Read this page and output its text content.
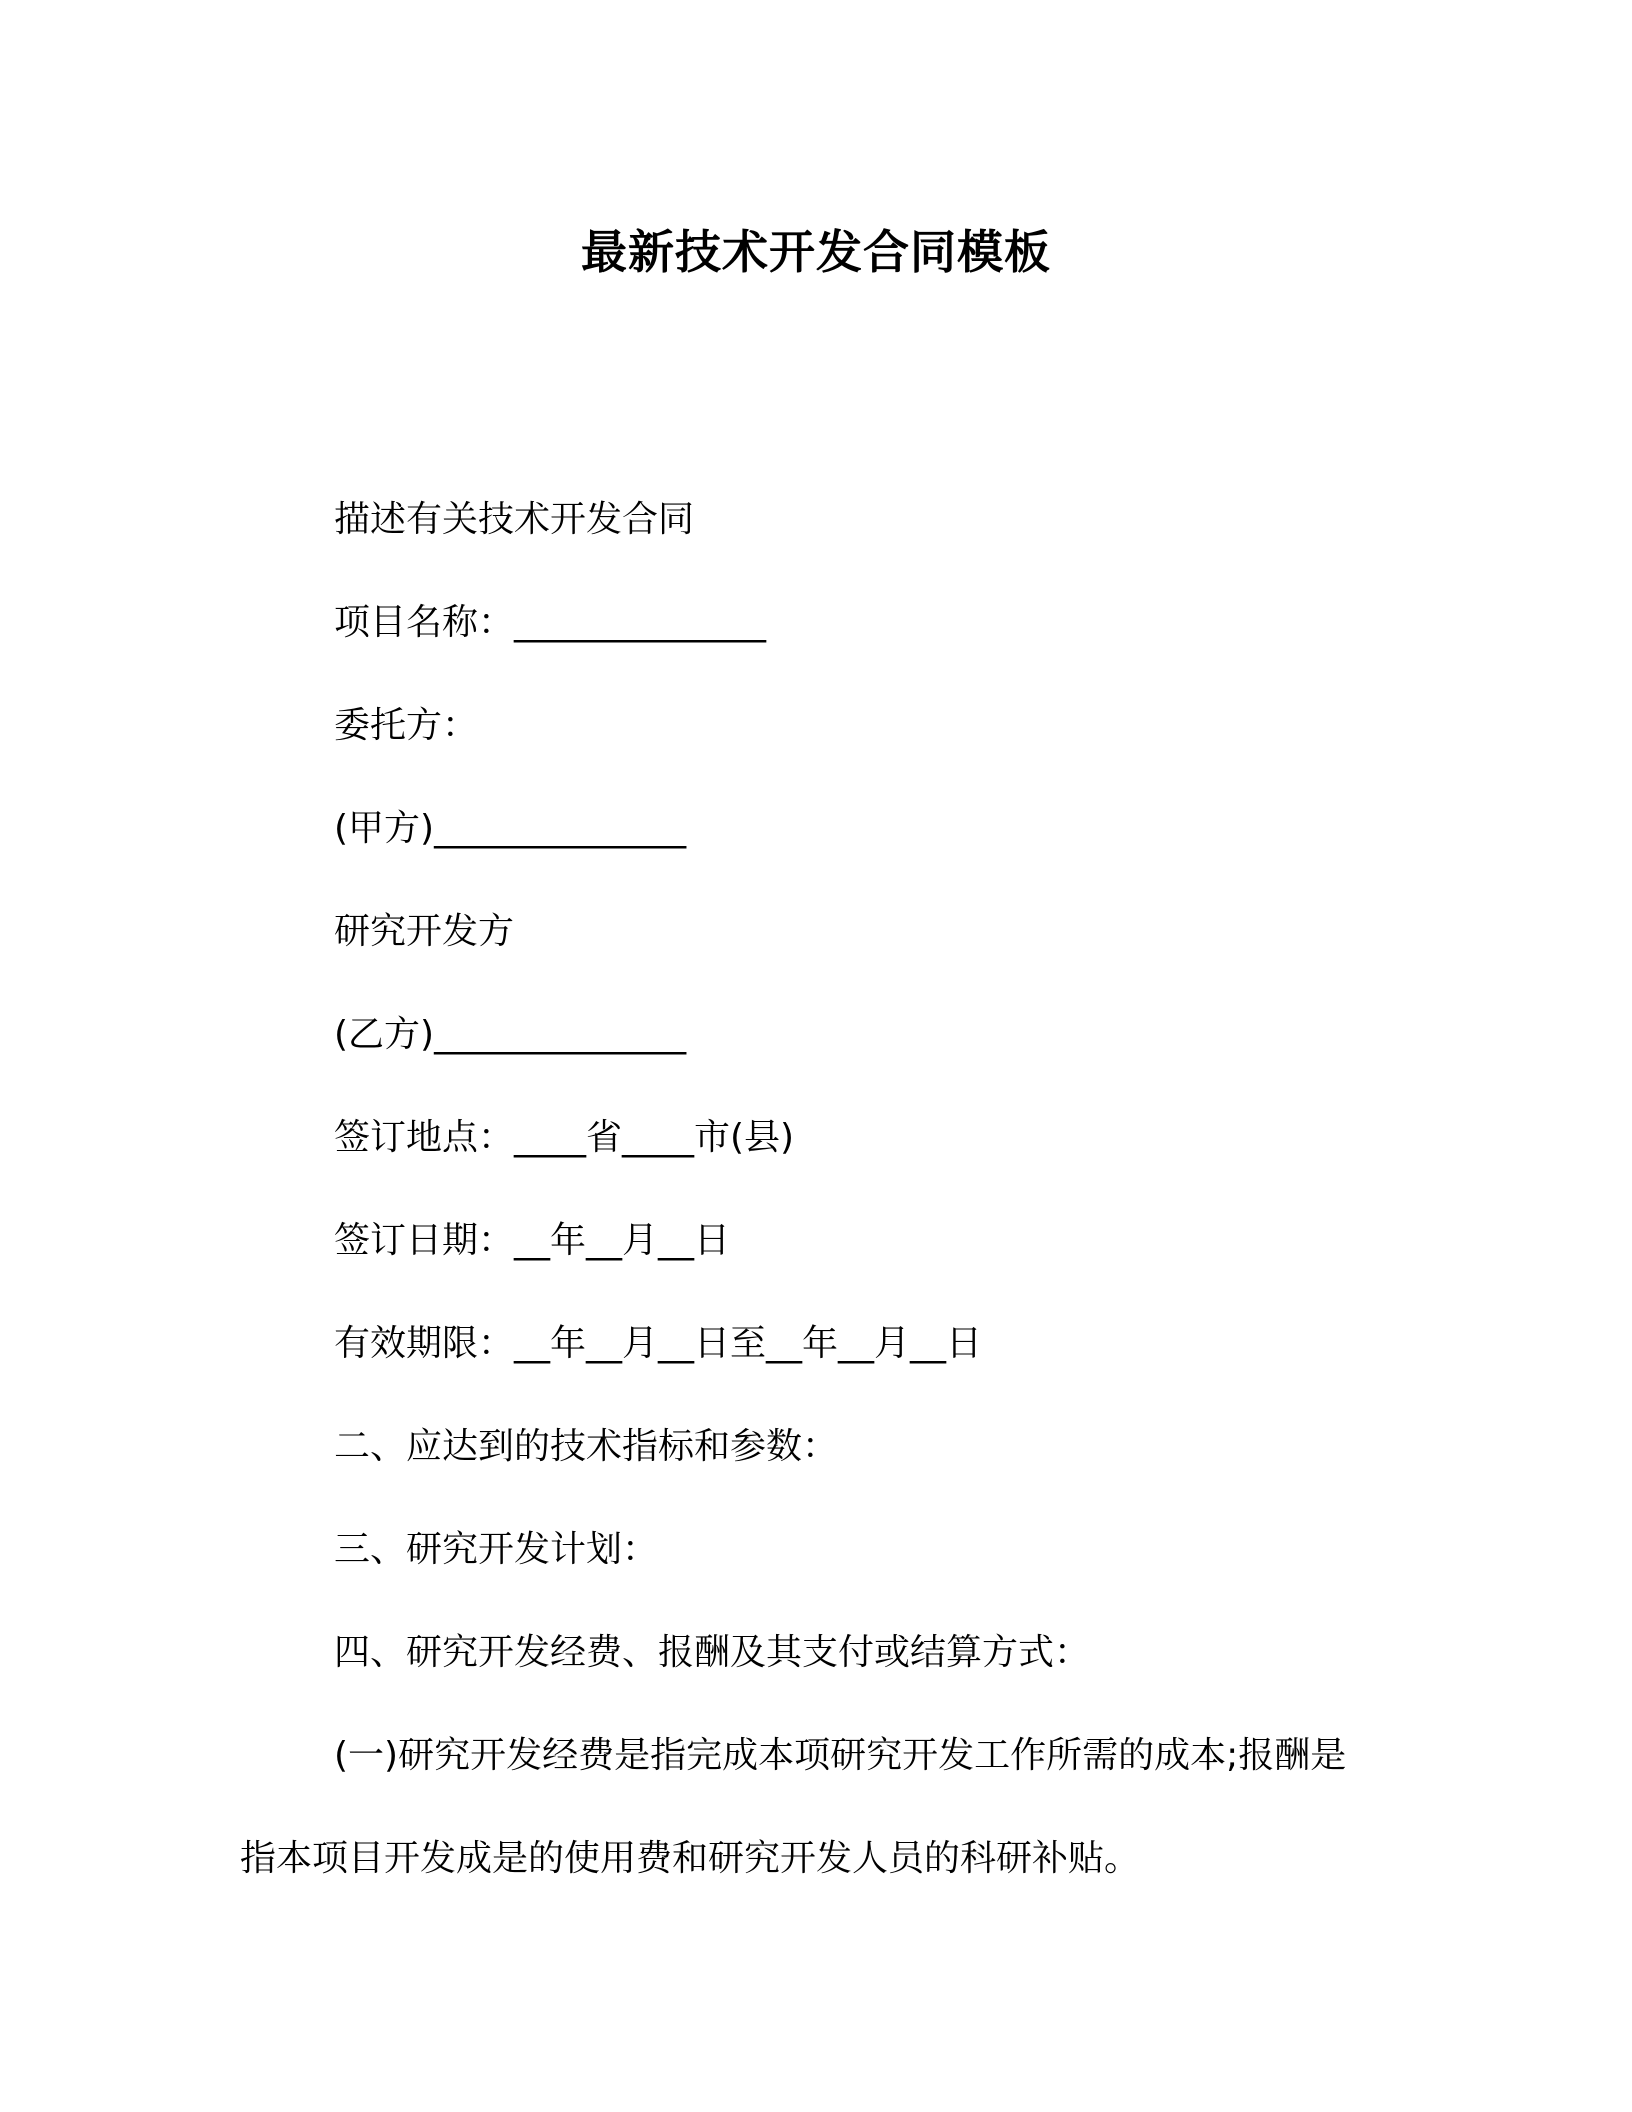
最新技术开发合同模板
描述有关技术开发合同
项目名称：______________
委托方：
(甲方)______________
研究开发方
(乙方)______________
签订地点：____省____市(县)
签订日期：__年__月__日
有效期限：__年__月__日至__年__月__日
二、应达到的技术指标和参数：
三、研究开发计划：
四、研究开发经费、报酬及其支付或结算方式：
(一)研究开发经费是指完成本项研究开发工作所需的成本;报酬是
指本项目开发成是的使用费和研究开发人员的科研补贴。
